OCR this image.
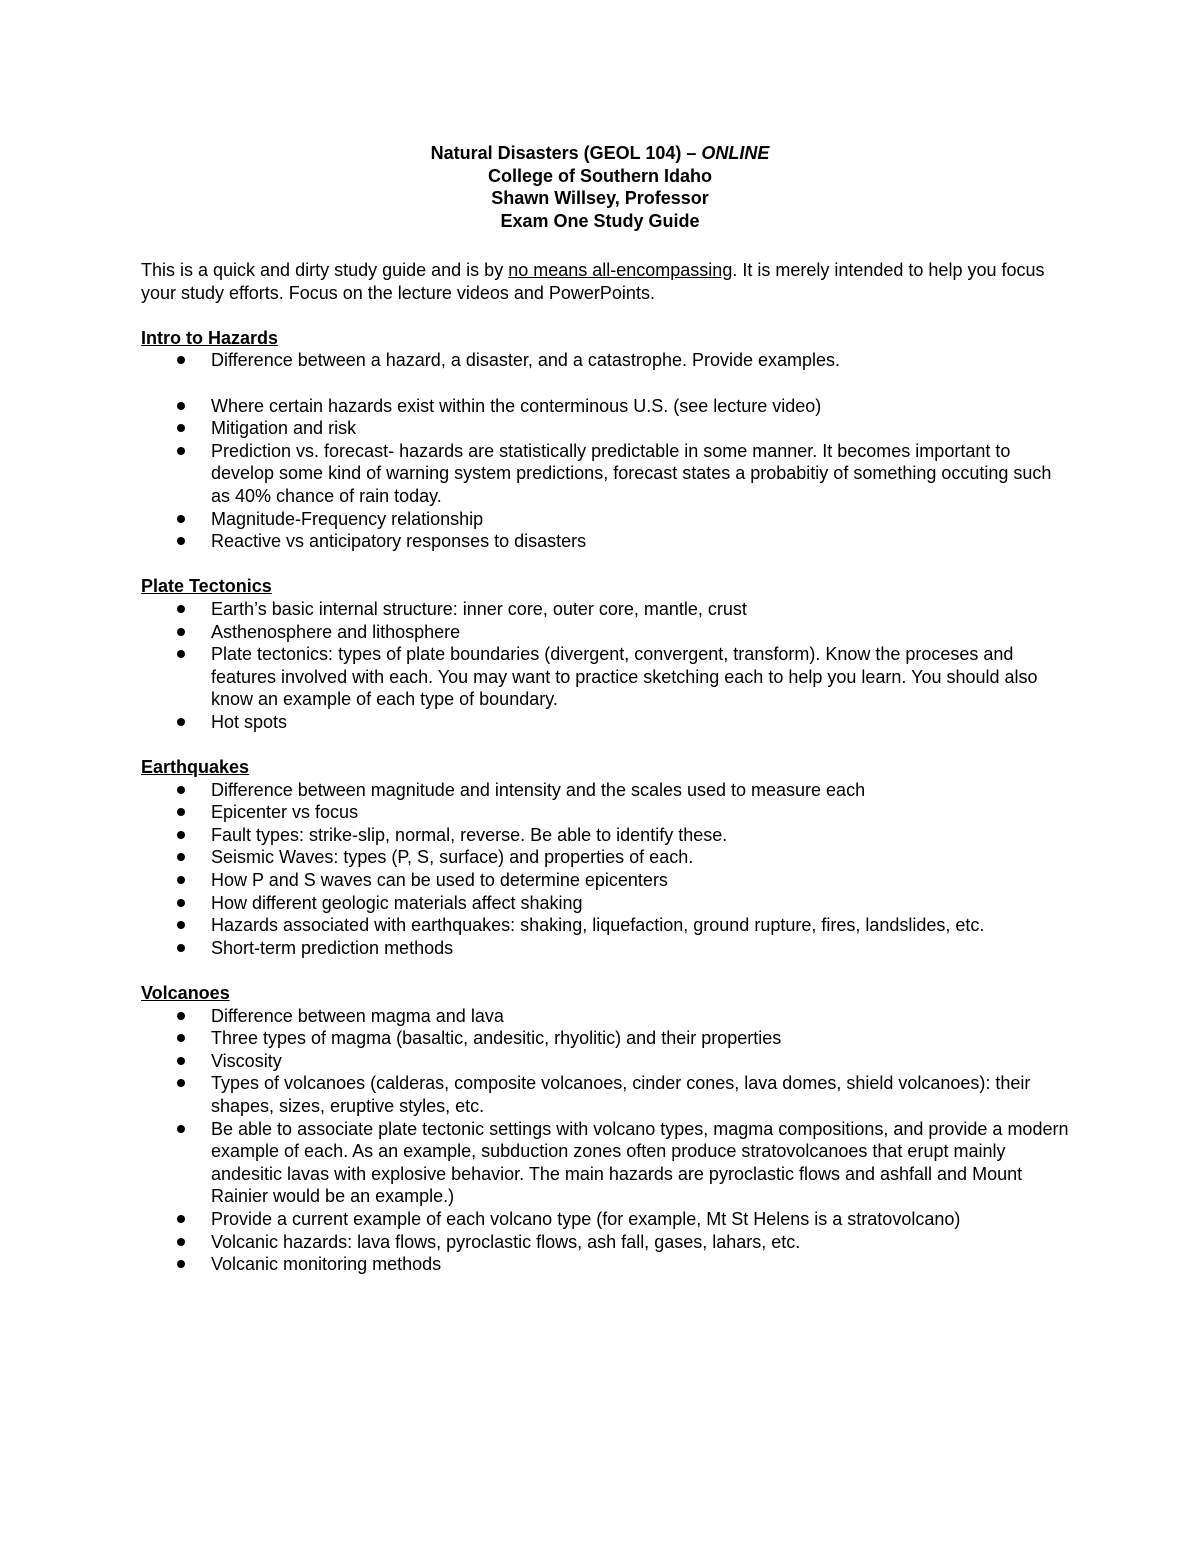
Natural Disasters (GEOL 104) – ONLINE
College of Southern Idaho
Shawn Willsey, Professor
Exam One Study Guide

This is a quick and dirty study guide and is by no means all-encompassing. It is merely intended to help you focus your study efforts. Focus on the lecture videos and PowerPoints.

Intro to Hazards

Difference between a hazard, a disaster, and a catastrophe. Provide examples.
Where certain hazards exist within the conterminous U.S. (see lecture video)
Mitigation and risk
Prediction vs. forecast- hazards are statistically predictable in some manner. It becomes important to develop some kind of warning system predictions, forecast states a probabitiy of something occuting such as 40% chance of rain today.
Magnitude-Frequency relationship
Reactive vs anticipatory responses to disasters

Plate Tectonics

Earth’s basic internal structure: inner core, outer core, mantle, crust
Asthenosphere and lithosphere
Plate tectonics: types of plate boundaries (divergent, convergent, transform). Know the proceses and features involved with each. You may want to practice sketching each to help you learn. You should also know an example of each type of boundary.
Hot spots

Earthquakes

Difference between magnitude and intensity and the scales used to measure each
Epicenter vs focus
Fault types: strike-slip, normal, reverse. Be able to identify these.
Seismic Waves: types (P, S, surface) and properties of each.
How P and S waves can be used to determine epicenters
How different geologic materials affect shaking
Hazards associated with earthquakes: shaking, liquefaction, ground rupture, fires, landslides, etc.
Short-term prediction methods

Volcanoes

Difference between magma and lava
Three types of magma (basaltic, andesitic, rhyolitic) and their properties
Viscosity
Types of volcanoes (calderas, composite volcanoes, cinder cones, lava domes, shield volcanoes): their shapes, sizes, eruptive styles, etc.
Be able to associate plate tectonic settings with volcano types, magma compositions, and provide a modern example of each. As an example, subduction zones often produce stratovolcanoes that erupt mainly andesitic lavas with explosive behavior. The main hazards are pyroclastic flows and ashfall and Mount Rainier would be an example.)
Provide a current example of each volcano type (for example, Mt St Helens is a stratovolcano)
Volcanic hazards: lava flows, pyroclastic flows, ash fall, gases, lahars, etc.
Volcanic monitoring methods
